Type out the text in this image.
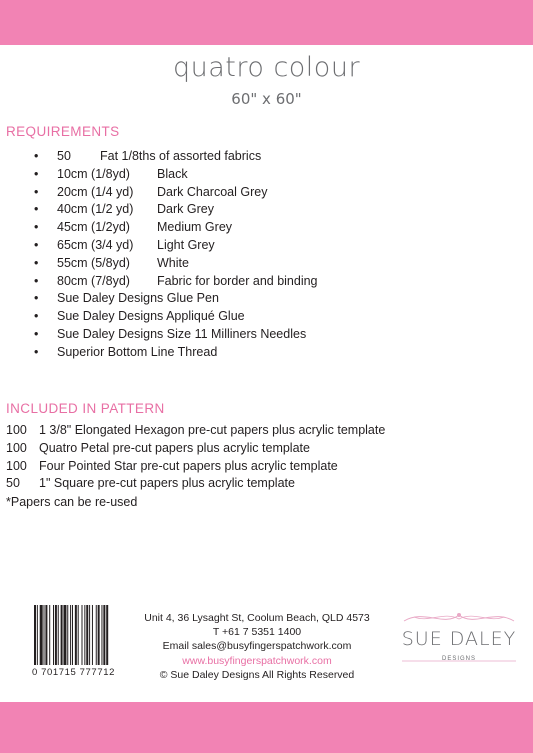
quatro colour
60" x 60"
REQUIREMENTS
• 50 Fat 1/8ths of assorted fabrics
• 10cm (1/8yd) Black
• 20cm (1/4 yd) Dark Charcoal Grey
• 40cm (1/2 yd) Dark Grey
• 45cm (1/2yd) Medium Grey
• 65cm (3/4 yd) Light Grey
• 55cm (5/8yd) White
• 80cm (7/8yd) Fabric for border and binding
• Sue Daley Designs Glue Pen
• Sue Daley Designs Appliqué Glue
• Sue Daley Designs Size 11 Milliners Needles
• Superior Bottom Line Thread
INCLUDED IN PATTERN
100 1 3/8" Elongated Hexagon pre-cut papers plus acrylic template
100 Quatro Petal pre-cut papers plus acrylic template
100 Four Pointed Star pre-cut papers plus acrylic template
50 1" Square pre-cut papers plus acrylic template
*Papers can be re-used
0 701715 777712
Unit 4, 36 Lysaght St, Coolum Beach, QLD 4573
T +61 7 5351 1400
Email sales@busyfingerspatchwork.com
www.busyfingerspatchwork.com
© Sue Daley Designs All Rights Reserved
SUE DALEY
DESIGNS
